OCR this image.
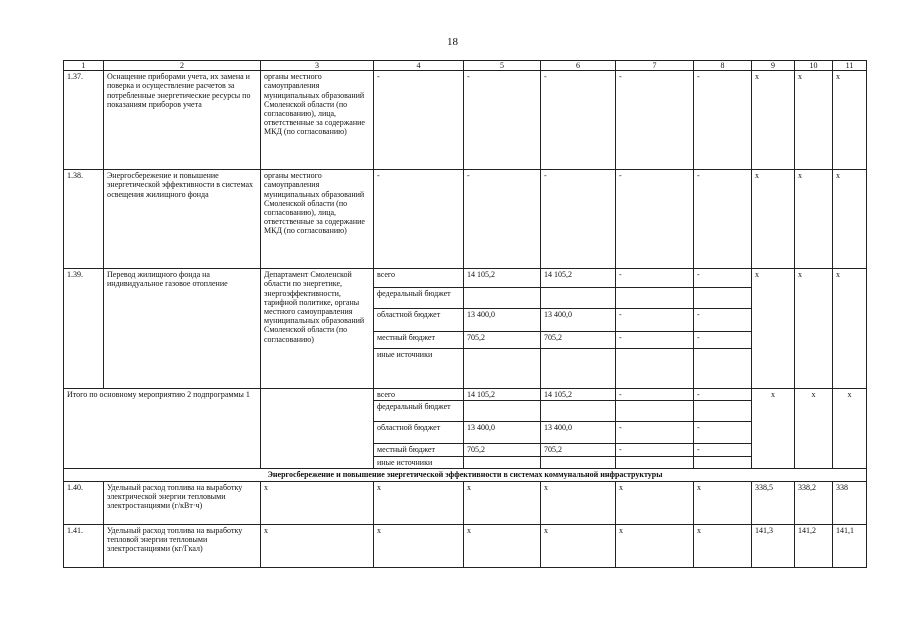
18
1	2	3	4	5	6	7	8	9	10	11
1.37.	Оснащение приборами учета, их замена и поверка и осуществление расчетов за потребленные энергетические ресурсы по показаниям приборов учета	органы местного самоуправления муниципальных образований Смоленской области (по согласованию), лица, ответственные за содержание МКД (по согласованию)	-	-	-	-	-	x	x	x
1.38.	Энергосбережение и повышение энергетической эффективности в системах освещения жилищного фонда	органы местного самоуправления муниципальных образований Смоленской области (по согласованию), лица, ответственные за содержание МКД (по согласованию)	-	-	-	-	-	x	x	x
1.39.	Перевод жилищного фонда на индивидуальное газовое отопление	Департамент Смоленской области по энергетике, энергоэффективности, тарифной политике, органы местного самоуправления муниципальных образований Смоленской области (по согласованию)	всего	14 105,2	14 105,2	-	-	x	x	x
			федеральный бюджет							
			областной бюджет	13 400,0	13 400,0	-	-			
			местный бюджет	705,2	705,2	-	-			
			иные источники							
Итого по основному мероприятию 2 подпрограммы 1			всего	14 105,2	14 105,2	-	-	x	x	x
			федеральный бюджет							
			областной бюджет	13 400,0	13 400,0	-	-			
			местный бюджет	705,2	705,2	-	-			
			иные источники							
Энергосбережение и повышение энергетической эффективности в системах коммунальной инфраструктуры										
1.40.	Удельный расход топлива на выработку электрической энергии тепловыми электростанциями (г/кВт·ч)	x	x	x	x	x	x	338,5	338,2	338
1.41.	Удельный расход топлива на выработку тепловой энергии тепловыми электростанциями (кг/Гкал)	x	x	x	x	x	x	141,3	141,2	141,1
